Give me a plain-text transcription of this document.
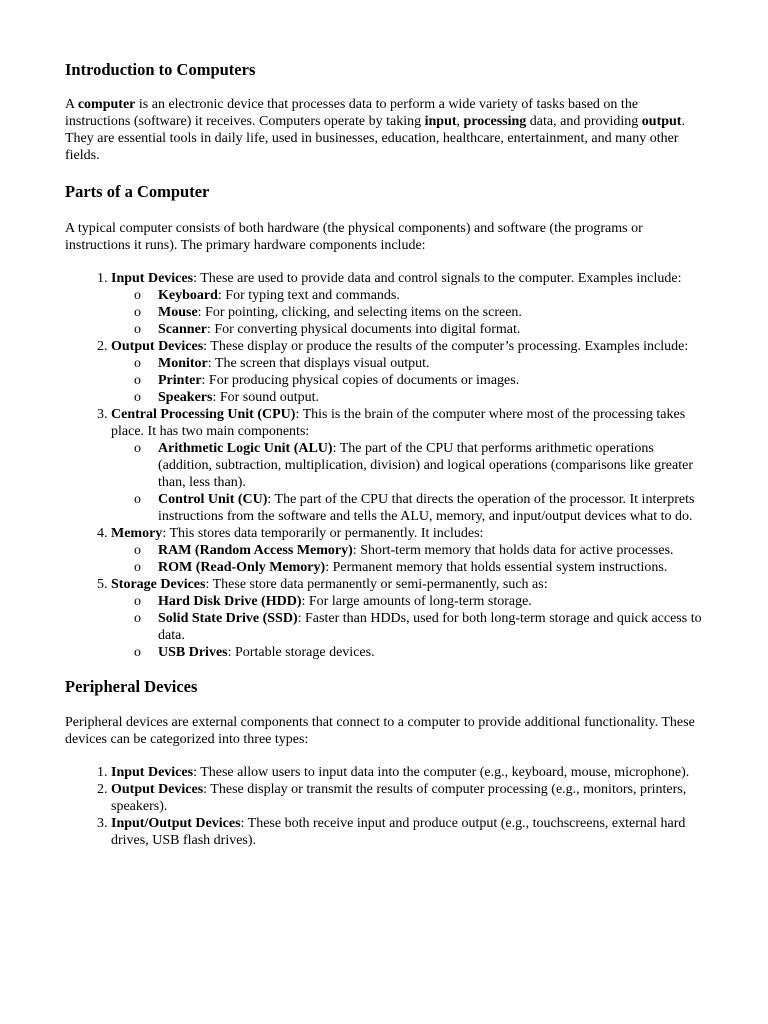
Introduction to Computers

A computer is an electronic device that processes data to perform a wide variety of tasks based on the instructions (software) it receives. Computers operate by taking input, processing data, and providing output. They are essential tools in daily life, used in businesses, education, healthcare, entertainment, and many other fields.

Parts of a Computer

A typical computer consists of both hardware (the physical components) and software (the programs or instructions it runs). The primary hardware components include:

1. Input Devices: These are used to provide data and control signals to the computer. Examples include:
o Keyboard: For typing text and commands.
o Mouse: For pointing, clicking, and selecting items on the screen.
o Scanner: For converting physical documents into digital format.
2. Output Devices: These display or produce the results of the computer’s processing. Examples include:
o Monitor: The screen that displays visual output.
o Printer: For producing physical copies of documents or images.
o Speakers: For sound output.
3. Central Processing Unit (CPU): This is the brain of the computer where most of the processing takes place. It has two main components:
o Arithmetic Logic Unit (ALU): The part of the CPU that performs arithmetic operations (addition, subtraction, multiplication, division) and logical operations (comparisons like greater than, less than).
o Control Unit (CU): The part of the CPU that directs the operation of the processor. It interprets instructions from the software and tells the ALU, memory, and input/output devices what to do.
4. Memory: This stores data temporarily or permanently. It includes:
o RAM (Random Access Memory): Short-term memory that holds data for active processes.
o ROM (Read-Only Memory): Permanent memory that holds essential system instructions.
5. Storage Devices: These store data permanently or semi-permanently, such as:
o Hard Disk Drive (HDD): For large amounts of long-term storage.
o Solid State Drive (SSD): Faster than HDDs, used for both long-term storage and quick access to data.
o USB Drives: Portable storage devices.
Peripheral Devices

Peripheral devices are external components that connect to a computer to provide additional functionality. These devices can be categorized into three types:

1. Input Devices: These allow users to input data into the computer (e.g., keyboard, mouse, microphone).
2. Output Devices: These display or transmit the results of computer processing (e.g., monitors, printers, speakers).
3. Input/Output Devices: These both receive input and produce output (e.g., touchscreens, external hard drives, USB flash drives).
